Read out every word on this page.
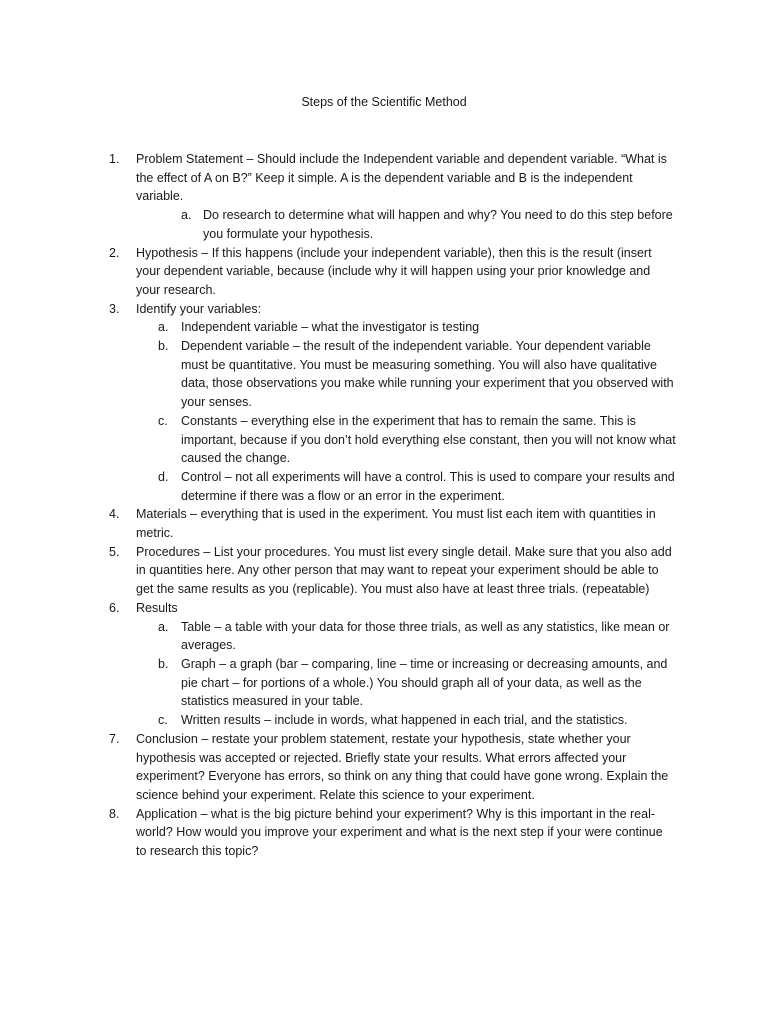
Steps of the Scientific Method
1. Problem Statement – Should include the Independent variable and dependent variable. “What is the effect of A on B?” Keep it simple. A is the dependent variable and B is the independent variable.
a. Do research to determine what will happen and why? You need to do this step before you formulate your hypothesis.
2. Hypothesis – If this happens (include your independent variable), then this is the result (insert your dependent variable, because (include why it will happen using your prior knowledge and your research.
3. Identify your variables:
a. Independent variable – what the investigator is testing
b. Dependent variable – the result of the independent variable. Your dependent variable must be quantitative. You must be measuring something. You will also have qualitative data, those observations you make while running your experiment that you observed with your senses.
c. Constants – everything else in the experiment that has to remain the same. This is important, because if you don’t hold everything else constant, then you will not know what caused the change.
d. Control – not all experiments will have a control. This is used to compare your results and determine if there was a flow or an error in the experiment.
4. Materials – everything that is used in the experiment. You must list each item with quantities in metric.
5. Procedures – List your procedures. You must list every single detail. Make sure that you also add in quantities here. Any other person that may want to repeat your experiment should be able to get the same results as you (replicable). You must also have at least three trials. (repeatable)
6. Results
a. Table – a table with your data for those three trials, as well as any statistics, like mean or averages.
b. Graph – a graph (bar – comparing, line – time or increasing or decreasing amounts, and pie chart – for portions of a whole.) You should graph all of your data, as well as the statistics measured in your table.
c. Written results – include in words, what happened in each trial, and the statistics.
7. Conclusion – restate your problem statement, restate your hypothesis, state whether your hypothesis was accepted or rejected. Briefly state your results. What errors affected your experiment? Everyone has errors, so think on any thing that could have gone wrong. Explain the science behind your experiment. Relate this science to your experiment.
8. Application – what is the big picture behind your experiment? Why is this important in the real-world? How would you improve your experiment and what is the next step if your were continue to research this topic?
